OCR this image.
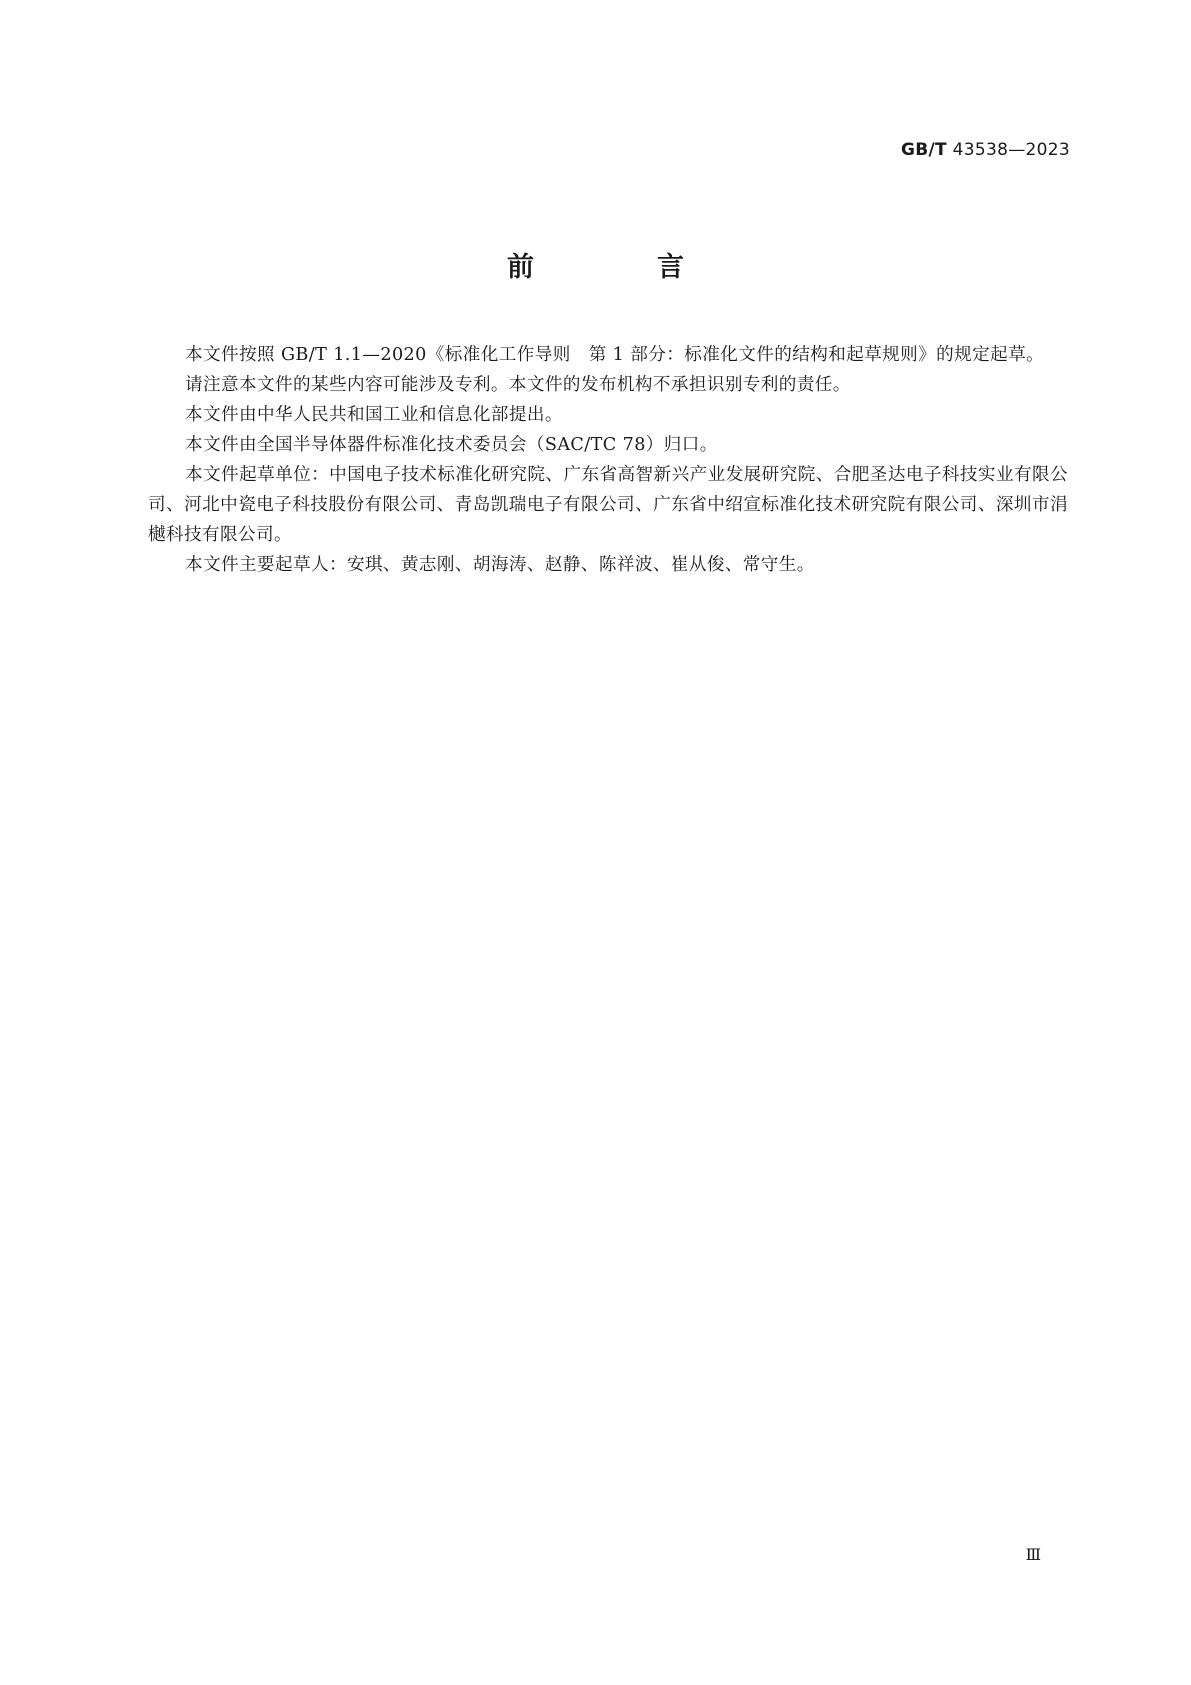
GB/T 43538—2023
前　言

本文件按照 GB/T 1.1—2020《标准化工作导则　第 1 部分：标准化文件的结构和起草规则》的规定起草。

请注意本文件的某些内容可能涉及专利。本文件的发布机构不承担识别专利的责任。

本文件由中华人民共和国工业和信息化部提出。

本文件由全国半导体器件标准化技术委员会（SAC/TC 78）归口。

本文件起草单位：中国电子技术标准化研究院、广东省高智新兴产业发展研究院、合肥圣达电子科技实业有限公司、河北中瓷电子科技股份有限公司、青岛凯瑞电子有限公司、广东省中绍宣标准化技术研究院有限公司、深圳市涓樾科技有限公司。

本文件主要起草人：安琪、黄志刚、胡海涛、赵静、陈祥波、崔从俊、常守生。

Ⅲ
